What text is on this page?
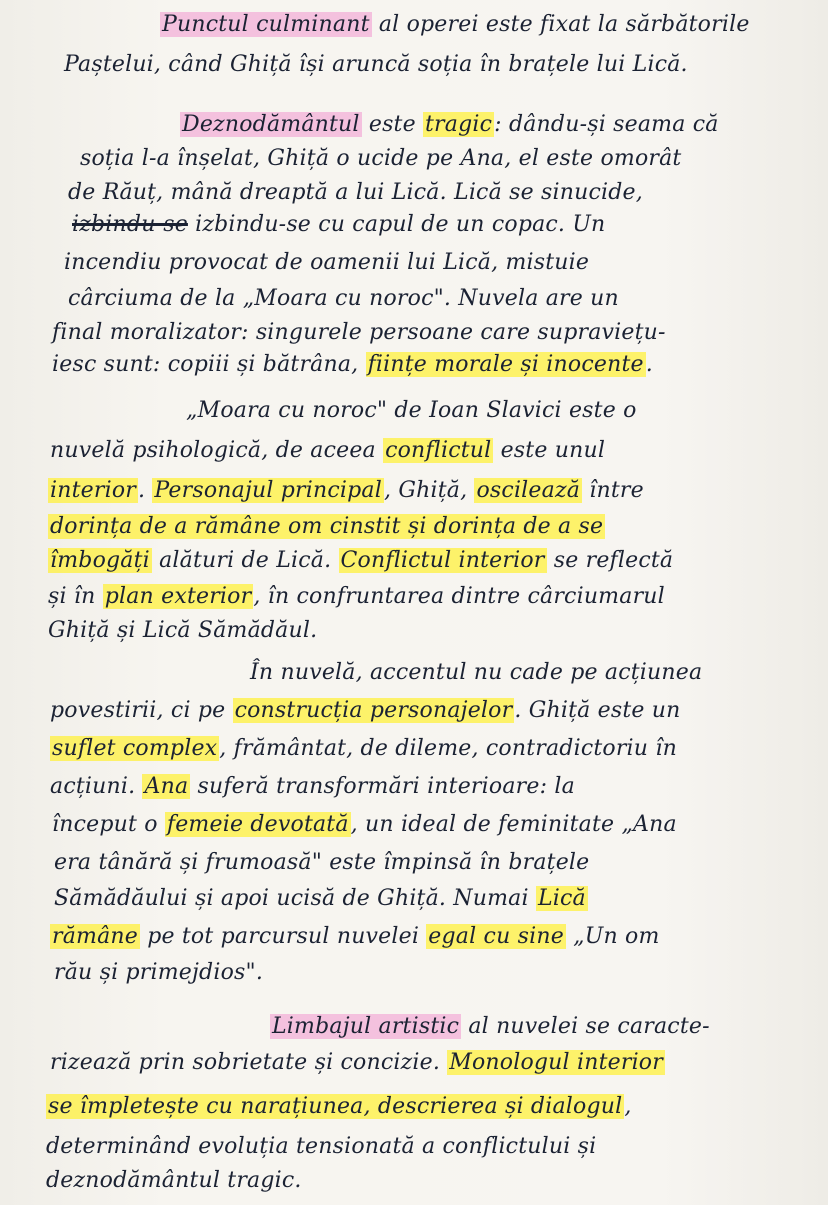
Punctul culminant al operei este fixat la sărbătorile
Paștelui, când Ghiță își aruncă soția în brațele lui Lică.
Deznodământul este tragic: dându-și seama că
soția l-a înșelat, Ghiță o ucide pe Ana, el este omorât
de Răuț, mână dreaptă a lui Lică. Lică se sinucide,
izbindu-se izbindu-se cu capul de un copac. Un
incendiu provocat de oamenii lui Lică, mistuie
cârciuma de la „Moara cu noroc". Nuvela are un
final moralizator: singurele persoane care supraviețu-
iesc sunt: copiii și bătrâna, ființe morale și inocente.
„Moara cu noroc" de Ioan Slavici este o
nuvelă psihologică, de aceea conflictul este unul
interior. Personajul principal, Ghiță, oscilează între
dorința de a rămâne om cinstit și dorința de a se
îmbogăți alături de Lică. Conflictul interior se reflectă
și în plan exterior, în confruntarea dintre cârciumarul
Ghiță și Lică Sămădăul.
În nuvelă, accentul nu cade pe acțiunea
povestirii, ci pe construcția personajelor. Ghiță este un
suflet complex, frământat, de dileme, contradictoriu în
acțiuni. Ana suferă transformări interioare: la
început o femeie devotată, un ideal de feminitate „Ana
era tânără și frumoasă" este împinsă în brațele
Sămădăului și apoi ucisă de Ghiță. Numai Lică
rămâne pe tot parcursul nuvelei egal cu sine „Un om
rău și primejdios".
Limbajul artistic al nuvelei se caracte-
rizează prin sobrietate și concizie. Monologul interior
se împletește cu narațiunea, descrierea și dialogul,
determinând evoluția tensionată a conflictului și
deznodământul tragic.
